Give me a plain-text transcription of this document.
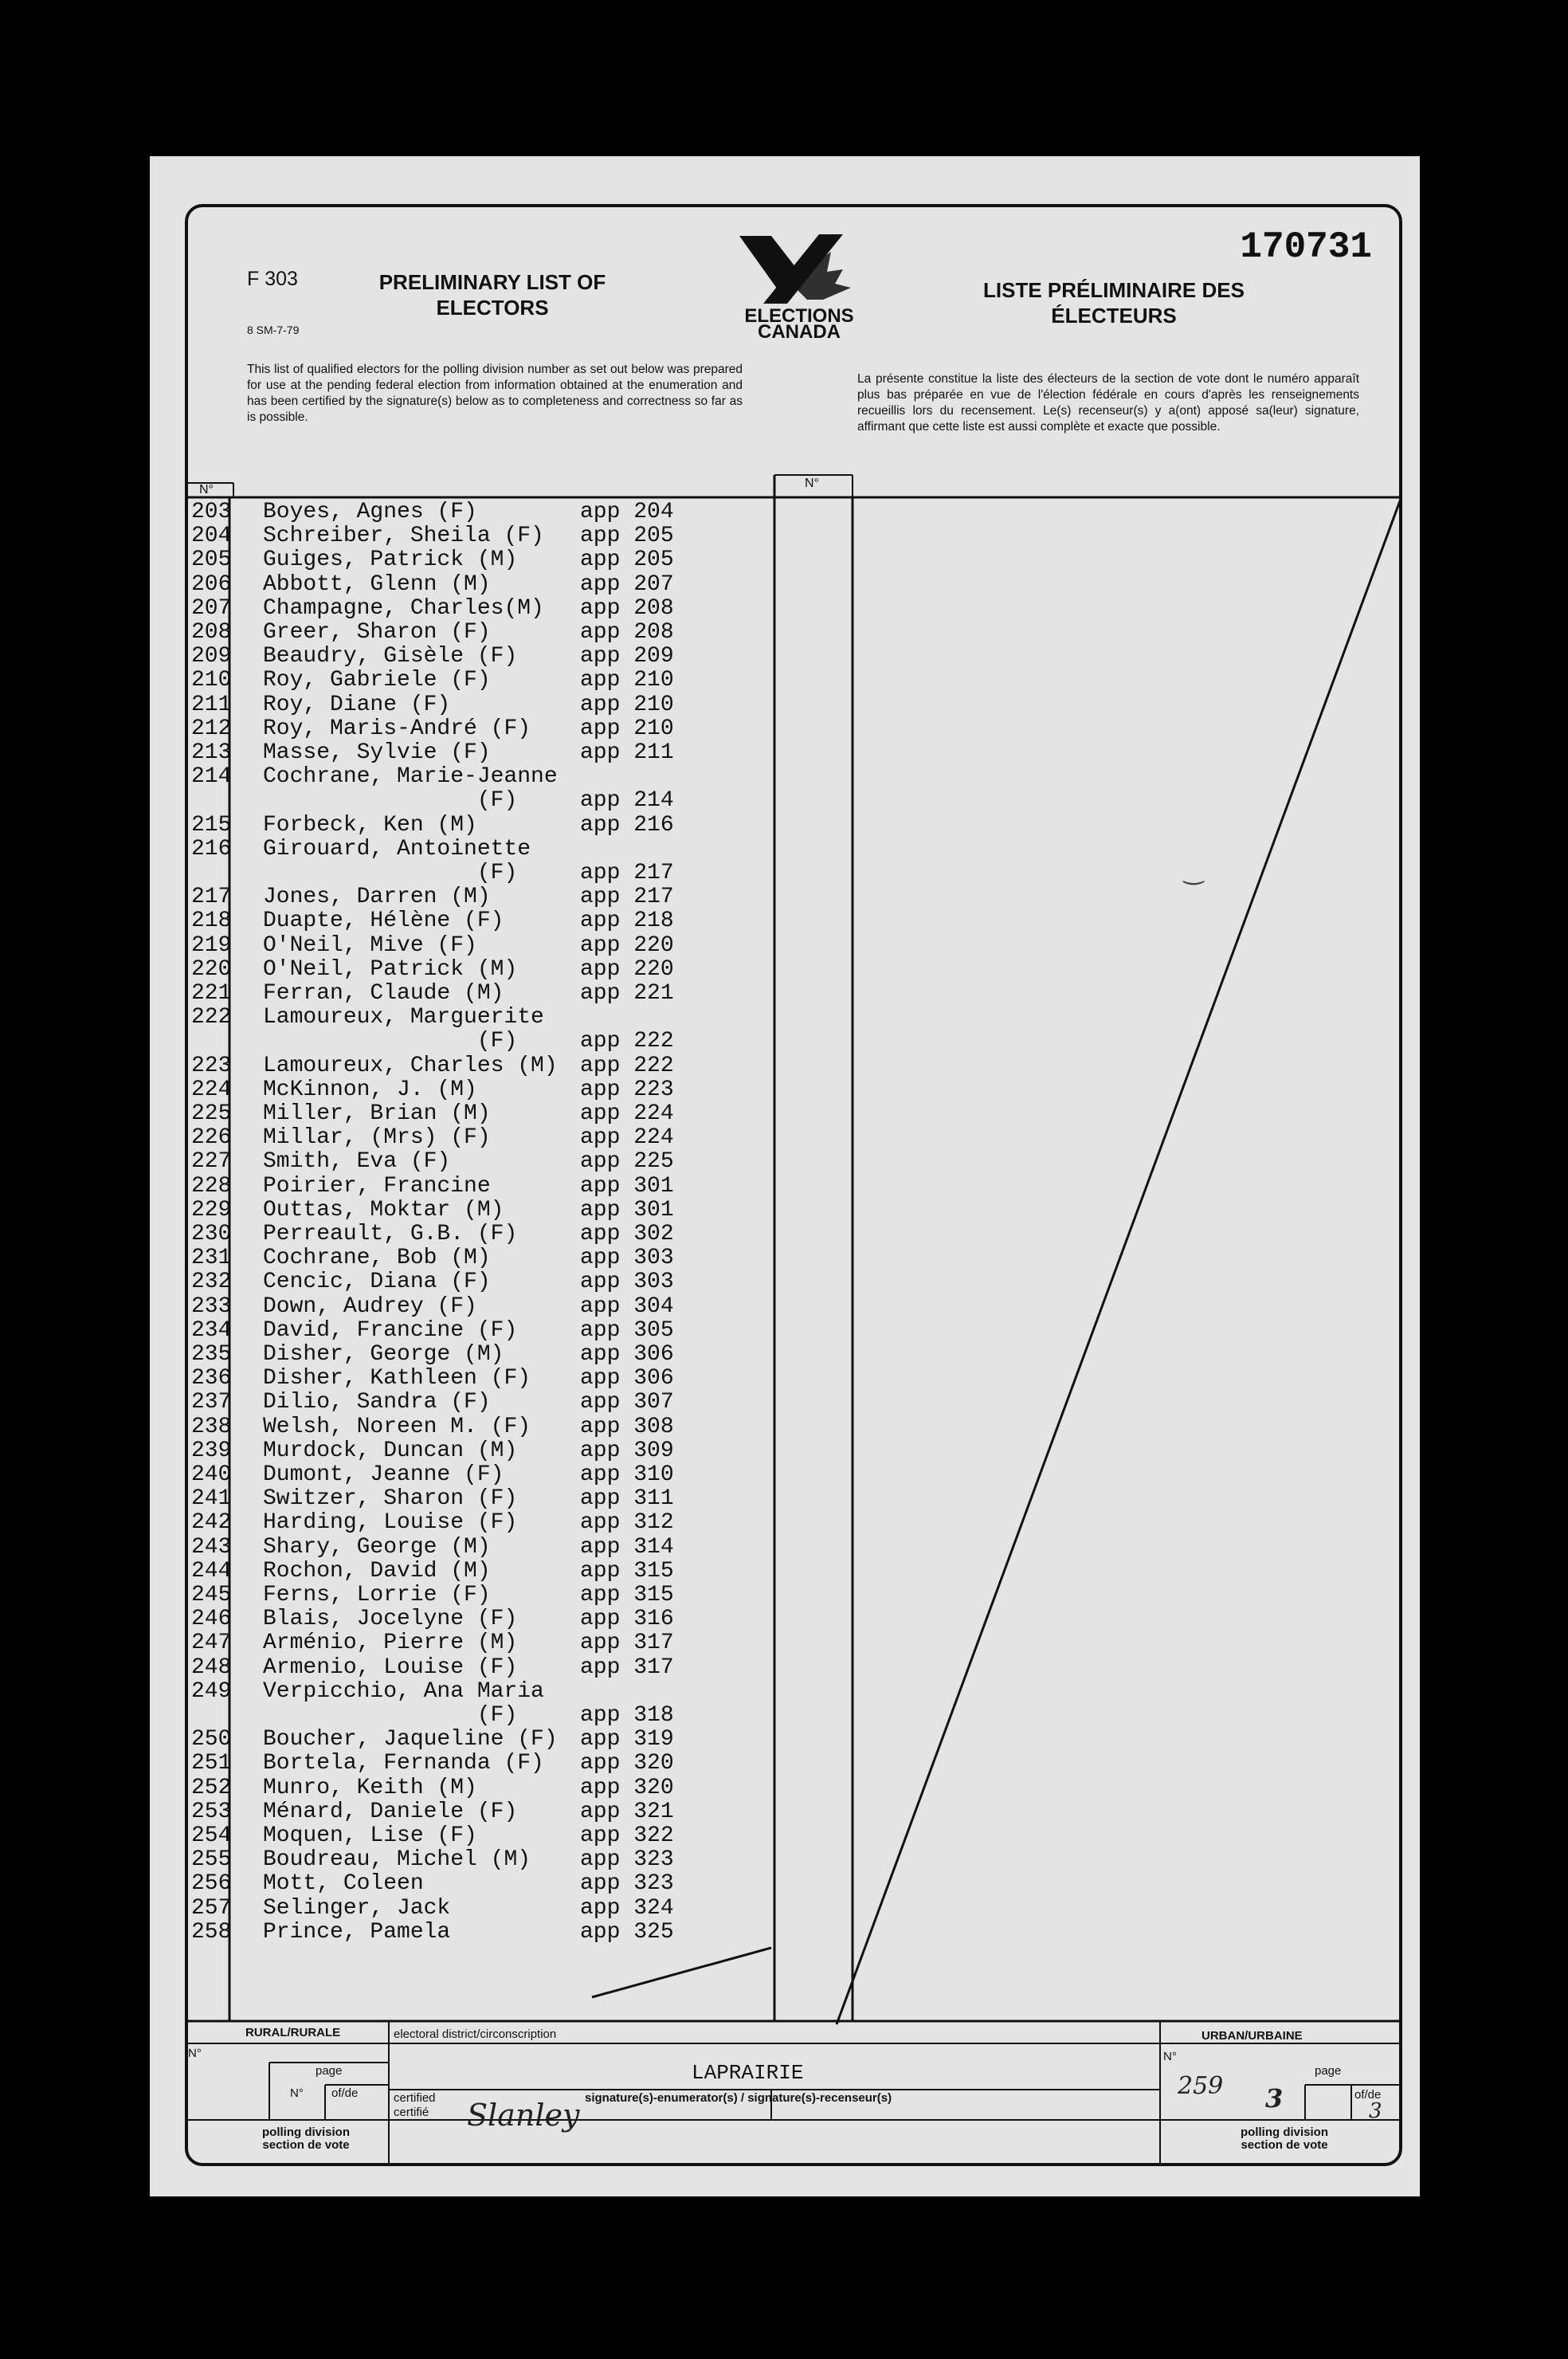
170731
F 303
8 SM-7-79
PRELIMINARY LIST OF
ELECTORS
LISTE PRÉLIMINAIRE DES
ÉLECTEURS
ELECTIONS
CANADA
This list of qualified electors for the polling division number as set out below was prepared for use at the pending federal election from information obtained at the enumeration and has been certified by the signature(s) below as to completeness and correctness so far as is possible.
La présente constitue la liste des électeurs de la section de vote dont le numéro apparaît plus bas préparée en vue de l'élection fédérale en cours d'après les renseignements recueillis lors du recensement. Le(s) recenseur(s) y a(ont) apposé sa(leur) signature, affirmant que cette liste est aussi complète et exacte que possible.
N°	N°
203 Boyes, Agnes (F)	app 204
204 Schreiber, Sheila (F) app 205
205 Guiges, Patrick (M)	app 205
206 Abbott, Glenn (M)	app 207
207 Champagne, Charles(M) app 208
208 Greer, Sharon (F)	app 208
209 Beaudry, Gisèle (F)	app 209
210 Roy, Gabriele (F)	app 210
211 Roy, Diane (F)	app 210
212 Roy, Maris-André (F) app 210
213 Masse, Sylvie (F)	app 211
214 Cochrane, Marie-Jeanne
(F)	app 214
215 Forbeck, Ken (M)	app 216
216 Girouard, Antoinette
(F)	app 217
217 Jones, Darren (M)	app 217
218 Duapte, Hélène (F)	app 218
219 O'Neil, Mive (F)	app 220
220 O'Neil, Patrick (M)	app 220
221 Ferran, Claude (M)	app 221
222 Lamoureux, Marguerite
(F)	app 222
223 Lamoureux, Charles (M) app 222
224 McKinnon, J. (M)	app 223
225 Miller, Brian (M)	app 224
226 Millar, (Mrs) (F)	app 224
227 Smith, Eva (F)	app 225
228 Poirier, Francine	app 301
229 Outtas, Moktar (M)	app 301
230 Perreault, G.B. (F)	app 302
231 Cochrane, Bob (M)	app 303
232 Cencic, Diana (F)	app 303
233 Down, Audrey (F)	app 304
234 David, Francine (F)	app 305
235 Disher, George (M)	app 306
236 Disher, Kathleen (F) app 306
237 Dilio, Sandra (F)	app 307
238 Welsh, Noreen M. (F) app 308
239 Murdock, Duncan (M)	app 309
240 Dumont, Jeanne (F)	app 310
241 Switzer, Sharon (F)	app 311
242 Harding, Louise (F)	app 312
243 Shary, George (M)	app 314
244 Rochon, David (M)	app 315
245 Ferns, Lorrie (F)	app 315
246 Blais, Jocelyne (F)	app 316
247 Arménio, Pierre (M)	app 317
248 Armenio, Louise (F)	app 317
249 Verpicchio, Ana Maria
(F)	app 318
250 Boucher, Jaqueline (F) app 319
251 Bortela, Fernanda (F) app 320
252 Munro, Keith (M)	app 320
253 Ménard, Daniele (F)	app 321
254 Moquen, Lise (F)	app 322
255 Boudreau, Michel (M) app 323
256 Mott, Coleen	app 323
257 Selinger, Jack	app 324
258 Prince, Pamela	app 325
‿
RURAL/RURALE	electoral district/circonscription	URBAN/URBAINE
LAPRAIRIE
N°
page
N° of/de	certified
certifié
signature(s)-enumerator(s) / signature(s)-recenseur(s)
Slanley
N°
259
page
3	of/de
3
polling division
section de vote
polling division
section de vote
